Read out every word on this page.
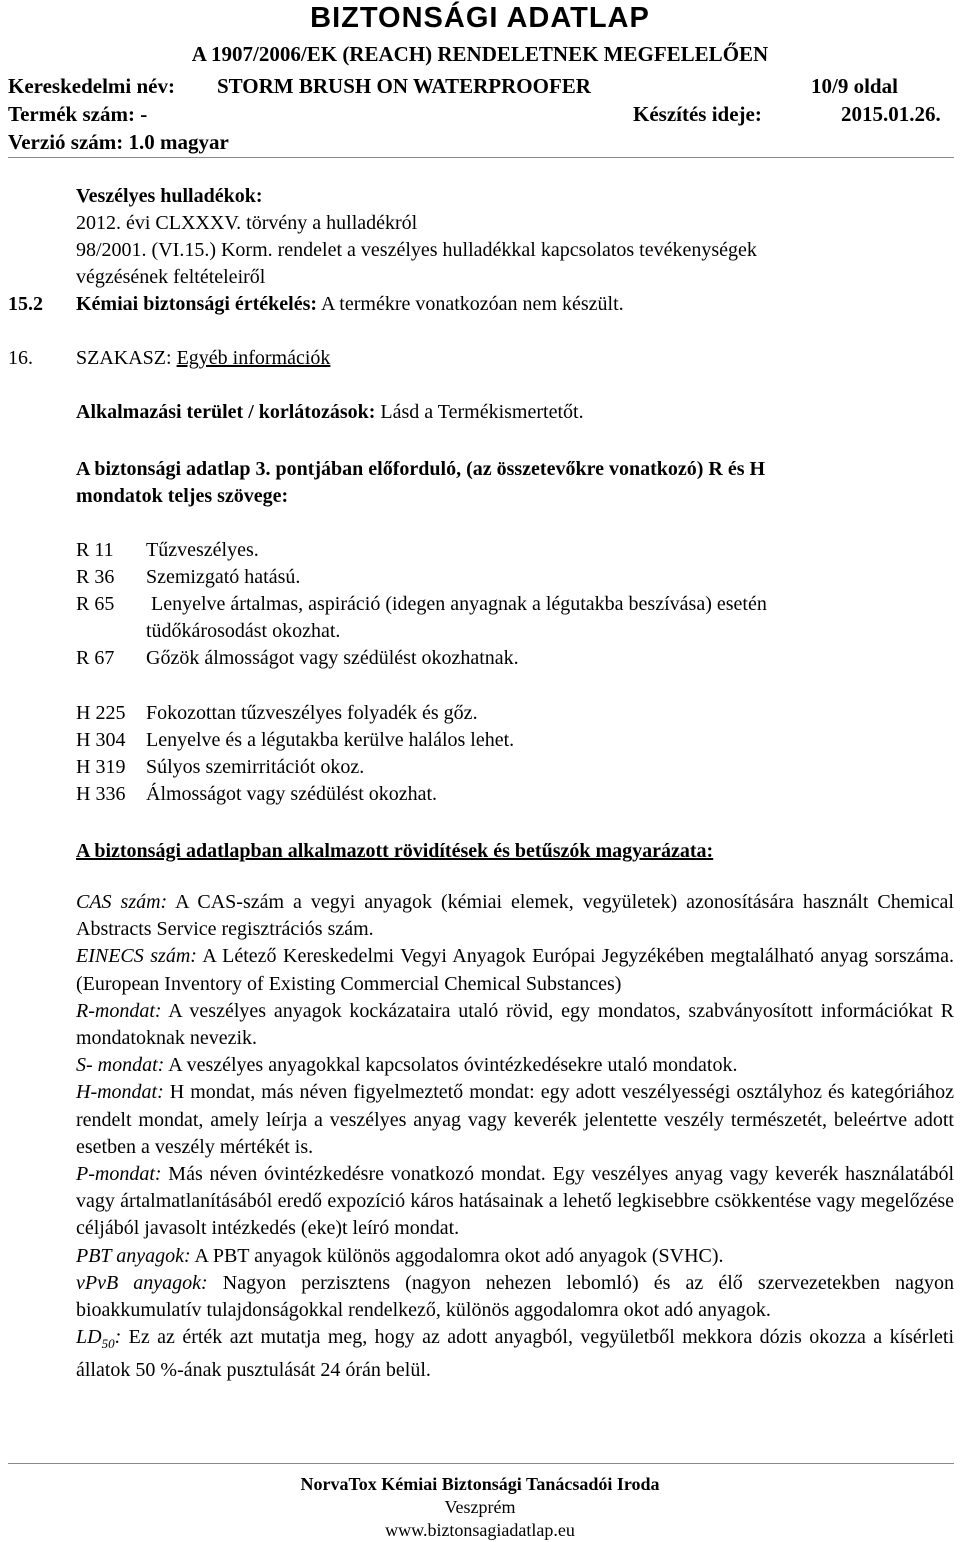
BIZTONSÁGI ADATLAP
A 1907/2006/EK (REACH) RENDELETNEK MEGFELELŐEN
Kereskedelmi név: STORM BRUSH ON WATERPROOFER	10/9 oldal
Termék szám: -	Készítés ideje:	2015.01.26.
Verzió szám: 1.0 magyar
Veszélyes hulladékok:
2012. évi CLXXXV. törvény a hulladékról
98/2001. (VI.15.) Korm. rendelet a veszélyes hulladékkal kapcsolatos tevékenységek
végzésének feltételeiről
15.2 Kémiai biztonsági értékelés: A termékre vonatkozóan nem készült.
16. SZAKASZ: Egyéb információk
Alkalmazási terület / korlátozások: Lásd a Termékismertetőt.
A biztonsági adatlap 3. pontjában előforduló, (az összetevőkre vonatkozó) R és H
mondatok teljes szövege:
R 11 Tűzveszélyes.
R 36 Szemizgató hatású.
R 65 Lenyelve ártalmas, aspiráció (idegen anyagnak a légutakba beszívása) esetén
tüdőkárosodást okozhat.
R 67 Gőzök álmosságot vagy szédülést okozhatnak.
H 225 Fokozottan tűzveszélyes folyadék és gőz.
H 304 Lenyelve és a légutakba kerülve halálos lehet.
H 319 Súlyos szemirritációt okoz.
H 336 Álmosságot vagy szédülést okozhat.
A biztonsági adatlapban alkalmazott rövidítések és betűszók magyarázata:
CAS szám: A CAS-szám a vegyi anyagok (kémiai elemek, vegyületek) azonosítására használt Chemical Abstracts Service regisztrációs szám.
EINECS szám: A Létező Kereskedelmi Vegyi Anyagok Európai Jegyzékében megtalálható anyag sorszáma. (European Inventory of Existing Commercial Chemical Substances)
R-mondat: A veszélyes anyagok kockázataira utaló rövid, egy mondatos, szabványosított információkat R mondatoknak nevezik.
S- mondat: A veszélyes anyagokkal kapcsolatos óvintézkedésekre utaló mondatok.
H-mondat: H mondat, más néven figyelmeztető mondat: egy adott veszélyességi osztályhoz és kategóriához rendelt mondat, amely leírja a veszélyes anyag vagy keverék jelentette veszély természetét, beleértve adott esetben a veszély mértékét is.
P-mondat: Más néven óvintézkedésre vonatkozó mondat. Egy veszélyes anyag vagy keverék használatából vagy ártalmatlanításából eredő expozíció káros hatásainak a lehető legkisebbre csökkentése vagy megelőzése céljából javasolt intézkedés (eke)t leíró mondat.
PBT anyagok: A PBT anyagok különös aggodalomra okot adó anyagok (SVHC).
vPvB anyagok: Nagyon perzisztens (nagyon nehezen lebomló) és az élő szervezetekben nagyon bioakkumulatív tulajdonságokkal rendelkező, különös aggodalomra okot adó anyagok.
$LD_{50}$: Ez az érték azt mutatja meg, hogy az adott anyagból, vegyületből mekkora dózis okozza a kísérleti állatok 50 %-ának pusztulását 24 órán belül.
NorvaTox Kémiai Biztonsági Tanácsadói Iroda
Veszprém
www.biztonsagiadatlap.eu
